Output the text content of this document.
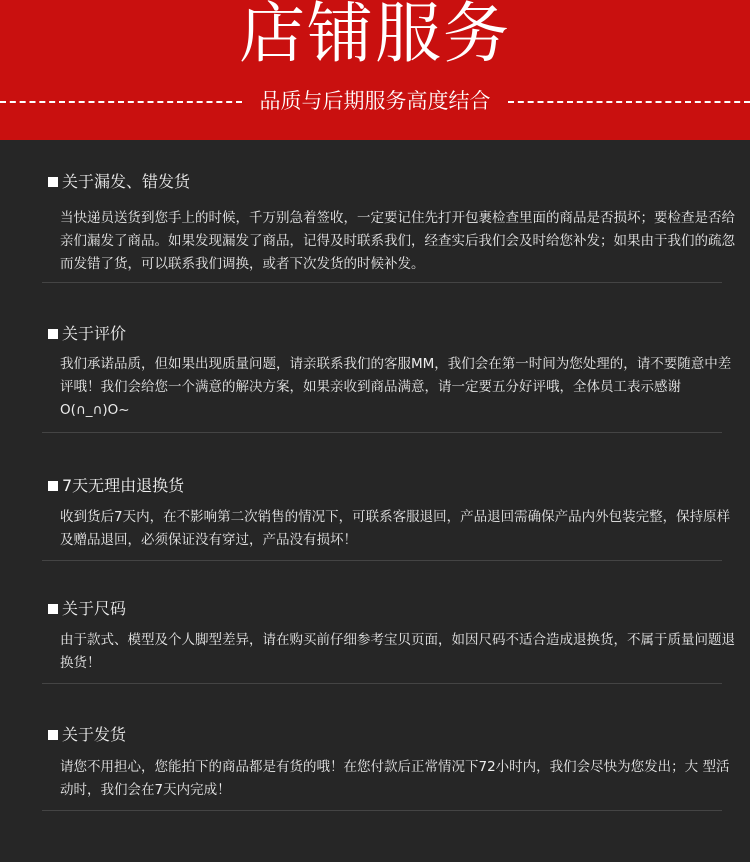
店铺服务
品质与后期服务高度结合
关于漏发、错发货
当快递员送货到您手上的时候，千万别急着签收，一定要记住先打开包裹检查里面的商品是否损坏；要检查是否给亲们漏发了商品。如果发现漏发了商品，记得及时联系我们，经查实后我们会及时给您补发；如果由于我们的疏忽而发错了货，可以联系我们调换，或者下次发货的时候补发。
关于评价
我们承诺品质，但如果出现质量问题，请亲联系我们的客服MM，我们会在第一时间为您处理的，请不要随意中差评哦！我们会给您一个满意的解决方案，如果亲收到商品满意，请一定要五分好评哦，全体员工表示感谢 O(∩_∩)O~
7天无理由退换货
收到货后7天内，在不影响第二次销售的情况下，可联系客服退回，产品退回需确保产品内外包装完整，保持原样及赠品退回，必须保证没有穿过，产品没有损坏！
关于尺码
由于款式、模型及个人脚型差异，请在购买前仔细参考宝贝页面，如因尺码不适合造成退换货，不属于质量问题退换货！
关于发货
请您不用担心，您能拍下的商品都是有货的哦！在您付款后正常情况下72小时内，我们会尽快为您发出；大 型活动时，我们会在7天内完成！
